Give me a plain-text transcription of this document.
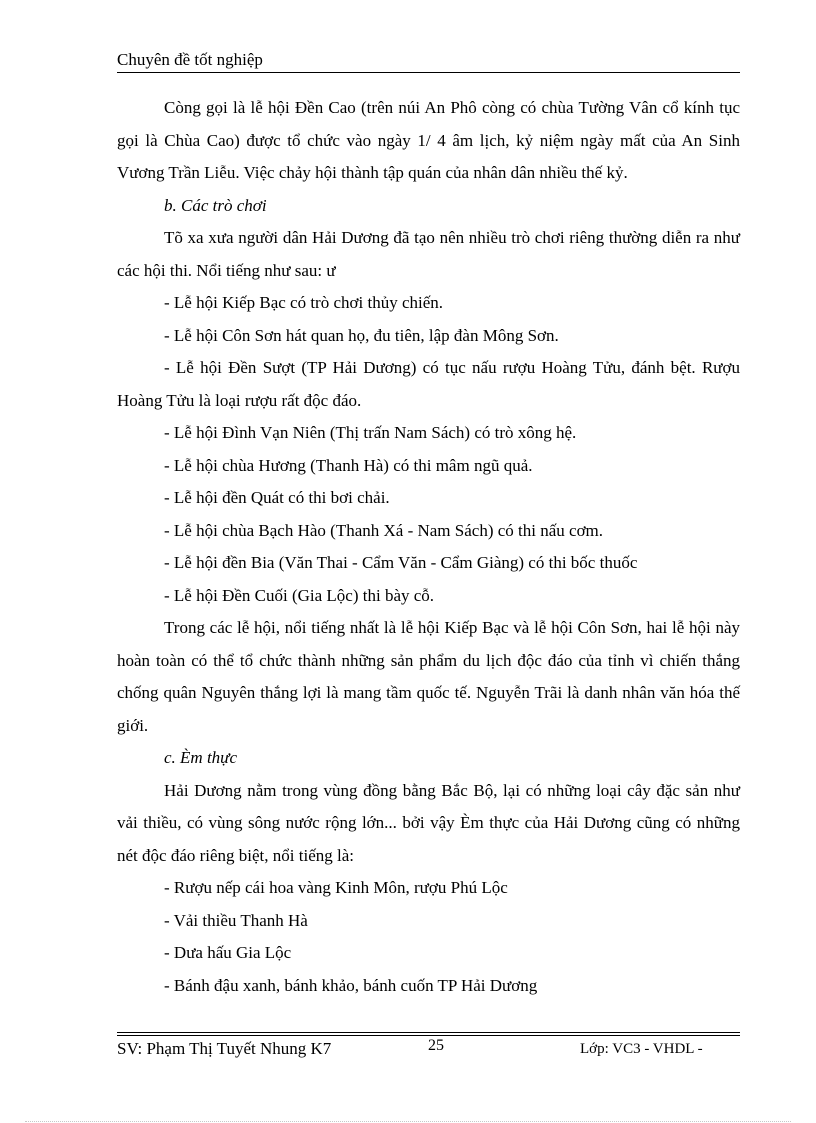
Chuyên đề tốt nghiệp

Còng gọi là lễ hội Đền Cao (trên núi An Phô còng có chùa Tường Vân cổ kính tục gọi là Chùa Cao) được tổ chức vào ngày 1/ 4 âm lịch, kỷ niệm ngày mất của An Sinh Vương Trần Liễu. Việc chảy hội thành tập quán của nhân dân nhiều thế kỷ.

b. Các trò chơi

Tõ xa xưa người dân Hải Dương đã tạo nên nhiều trò chơi riêng thường diễn ra như các hội thi. Nổi tiếng như sau: ư

- Lễ hội Kiếp Bạc có trò chơi thủy chiến.

- Lễ hội Côn Sơn hát quan họ, đu tiên, lập đàn Mông Sơn.

- Lễ hội Đền Sượt (TP Hải Dương) có tục nấu rượu Hoàng Tửu, đánh bệt. Rượu Hoàng Tửu là loại rượu rất độc đáo.

- Lễ hội Đình Vạn Niên (Thị trấn Nam Sách) có trò xông hệ.

- Lễ hội chùa Hương (Thanh Hà) có thi mâm ngũ quả.

- Lễ hội đền Quát có thi bơi chải.

- Lễ hội chùa Bạch Hào (Thanh Xá - Nam Sách) có thi nấu cơm.

- Lễ hội đền Bia (Văn Thai - Cẩm Văn - Cẩm Giàng) có thi bốc thuốc

- Lễ hội Đền Cuối (Gia Lộc) thi bày cỗ.

Trong các lễ hội, nổi tiếng nhất là lễ hội Kiếp Bạc và lễ hội Côn Sơn, hai lễ hội này hoàn toàn có thể tổ chức thành những sản phẩm du lịch độc đáo của tỉnh vì chiến thắng chống quân Nguyên thắng lợi là mang tầm quốc tế. Nguyễn Trãi là danh nhân văn hóa thế giới.

c. Èm thực

Hải Dương nằm trong vùng đồng bằng Bắc Bộ, lại có những loại cây đặc sản như vải thiều, có vùng sông nước rộng lớn... bởi vậy Èm thực của Hải Dương cũng có những nét độc đáo riêng biệt, nổi tiếng là:

- Rượu nếp cái hoa vàng Kinh Môn, rượu Phú Lộc

- Vải thiều Thanh Hà

- Dưa hấu Gia Lộc

- Bánh đậu xanh, bánh khảo, bánh cuốn TP Hải Dương

SV: Phạm Thị Tuyết Nhung K7	25	Lớp: VC3 - VHDL -
